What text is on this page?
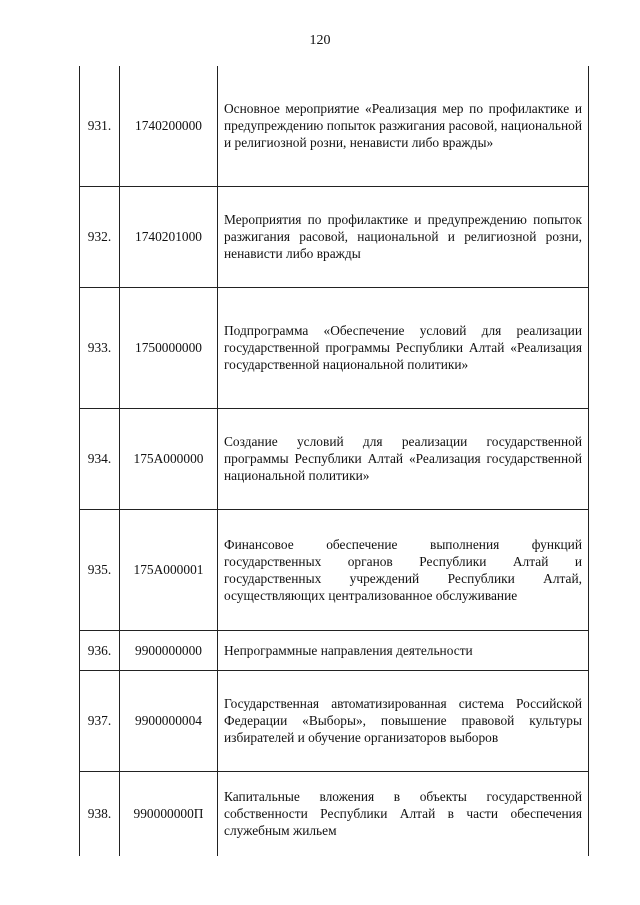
120
931.	1740200000	Основное мероприятие «Реализация мер по профилактике и предупреждению попыток разжигания расовой, национальной и религиозной розни, ненависти либо вражды»
932.	1740201000	Мероприятия по профилактике и предупреждению попыток разжигания расовой, национальной и религиозной розни, ненависти либо вражды
933.	1750000000	Подпрограмма «Обеспечение условий для реализации государственной программы Республики Алтай «Реализация государственной национальной политики»
934.	175А000000	Создание условий для реализации государственной программы Республики Алтай «Реализация государственной национальной политики»
935.	175А000001	Финансовое обеспечение выполнения функций государственных органов Республики Алтай и государственных учреждений Республики Алтай, осуществляющих централизованное обслуживание
936.	9900000000	Непрограммные направления деятельности
937.	9900000004	Государственная автоматизированная система Российской Федерации «Выборы», повышение правовой культуры избирателей и обучение организаторов выборов
938.	990000000П	Капитальные вложения в объекты государственной собственности Республики Алтай в части обеспечения служебным жильем
